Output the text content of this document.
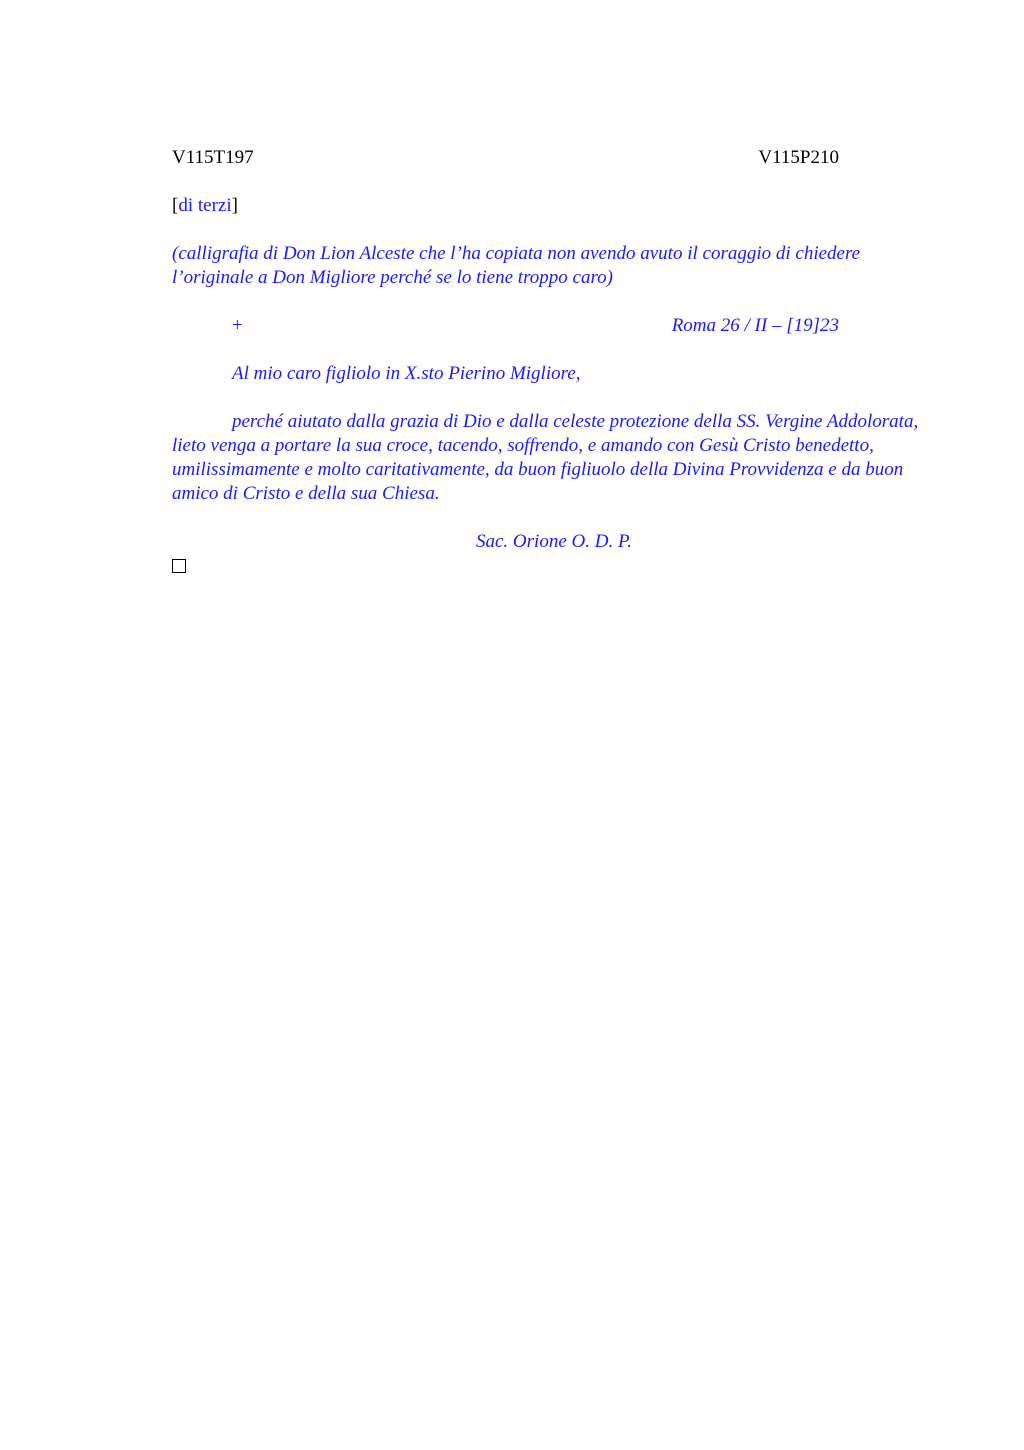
V115T197	V115P210

[di terzi]

(calligrafia di Don Lion Alceste che l’ha copiata non avendo avuto il coraggio di chiedere l’originale a Don Migliore perché se lo tiene troppo caro)

+	Roma 26 / II – [19]23

Al mio caro figliolo in X.sto Pierino Migliore,

perché aiutato dalla grazia di Dio e dalla celeste protezione della SS. Vergine Addolorata, lieto venga a portare la sua croce, tacendo, soffrendo, e amando con Gesù Cristo benedetto, umilissimamente e molto caritativamente, da buon figliuolo della Divina Provvidenza e da buon amico di Cristo e della sua Chiesa.

Sac. Orione O. D. P.
